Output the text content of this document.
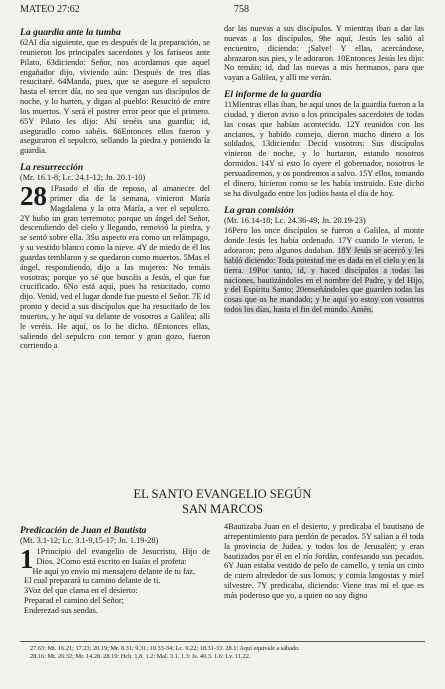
MATEO 27:62	758
La guardia ante la tumba

62Al día siguiente, que es después de la preparación, se reunieron los principales sacerdotes y los fariseos ante Pilato, 63diciendo: Señor, nos acordamos que aquel engañador dijo, viviendo aún: Después de tres días resucitaré. 64Manda, pues, que se asegure el sepulcro hasta el tercer día, no sea que vengan sus discípulos de noche, y lo hurten, y digan al pueblo: Resucitó de entre los muertos. Y será el postrer error peor que el primero. 65Y Pilato les dijo: Ahí tenéis una guardia; id, aseguradlo como sabéis. 66Entonces ellos fueron y aseguraron el sepulcro, sellando la piedra y poniendo la guardia.

La resurrección
(Mr. 16.1-8; Lc. 24.1-12; Jn. 20.1-10)

28 1Pasado el día de reposo, al amanecer del primer día de la semana, vinieron María Magdalena y la otra María, a ver el sepulcro. 2Y hubo un gran terremoto; porque un ángel del Señor, descendiendo del cielo y llegando, removió la piedra, y se sentó sobre ella. 3Su aspecto era como un relámpago, y su vestido blanco como la nieve. 4Y de miedo de él los guardas temblaron y se quedaron como muertos. 5Mas el ángel, respondiendo, dijo a las mujeres: No temáis vosotras; porque yo sé que buscáis a Jesús, el que fue crucificado. 6No está aquí, pues ha resucitado, como dijo. Venid, ved el lugar donde fue puesto el Señor. 7E id pronto y decid a sus discípulos que ha resucitado de los muertos, y he aquí va delante de vosotros a Galilea; allí le veréis. He aquí, os lo he dicho. 8Entonces ellas, saliendo del sepulcro con temor y gran gozo, fueron corriendo a

dar las nuevas a sus discípulos. Y mientras iban a dar las nuevas a los discípulos, 9he aquí, Jesús les salió al encuentro, diciendo: ¡Salve! Y ellas, acercándose, abrazaron sus pies, y le adoraron. 10Entonces Jesús les dijo: No temáis; id, dad las nuevas a mis hermanos, para que vayan a Galilea, y allí me verán.

El informe de la guardia

11Mientras ellas iban, he aquí unos de la guardia fueron a la ciudad, y dieron aviso a los principales sacerdotes de todas las cosas que habían acontecido. 12Y reunidos con los ancianos, y habido consejo, dieron mucho dinero a los soldados, 13diciendo: Decid vosotros: Sus discípulos vinieron de noche, y lo hurtaron, estando nosotros dormidos. 14Y si esto lo oyere el gobernador, nosotros le persuadiremos, y os pondremos a salvo. 15Y ellos, tomando el dinero, hicieron como se les había instruido. Este dicho se ha divulgado entre los judíos hasta el día de hoy.

La gran comisión
(Mr. 16.14-18; Lc. 24.36-49; Jn. 20.19-23)

16Pero los once discípulos se fueron a Galilea, al monte donde Jesús les había ordenado. 17Y cuando le vieron, le adoraron; pero algunos dudaban. 18Y Jesús se acercó y les habló diciendo: Toda potestad me es dada en el cielo y en la tierra. 19Por tanto, id, y haced discípulos a todas las naciones, bautizándoles en el nombre del Padre, y del Hijo, y del Espíritu Santo; 20enseñándoles que guarden todas las cosas que os he mandado; y he aquí yo estoy con vosotros todos los días, hasta el fin del mundo. Amén.

EL SANTO EVANGELIO SEGÚN
SAN MARCOS
Predicación de Juan el Bautista
(Mt. 3.1-12; Lc. 3.1-9,15-17; Jn. 1.19-28)

1 1Principio del evangelio de Jesucristo, Hijo de Dios. 2Como está escrito en Isaías el profeta:

He aquí yo envío mi mensajero delante de tu faz,
El cual preparará tu camino delante de ti.
3Voz del que clama en el desierto:
Preparad el camino del Señor;
Enderezad sus sendas.

4Bautizaba Juan en el desierto, y predicaba el bautismo de arrepentimiento para perdón de pecados. 5Y salían a él toda la provincia de Judea, y todos los de Jerusalén; y eran bautizados por él en el río Jordán, confesando sus pecados. 6Y Juan estaba vestido de pelo de camello, y tenía un cinto de cuero alrededor de sus lomos; y comía langostas y miel silvestre. 7Y predicaba, diciendo: Viene tras mí el que es más poderoso que yo, a quien no soy digno

27.63: Mt. 16.21; 17.23; 20.19; Mr. 8.31; 9.31; 10.33-34; Lc. 9.22; 18.31-33. 28.1: Aquí equivale a sábado.
28.16: Mt. 26.32; Mr. 14.28. 28.19: Hch. 1.8. 1.2: Mal. 3.1. 1.3: Is. 40.3. 1.6: Lv. 11.22.
